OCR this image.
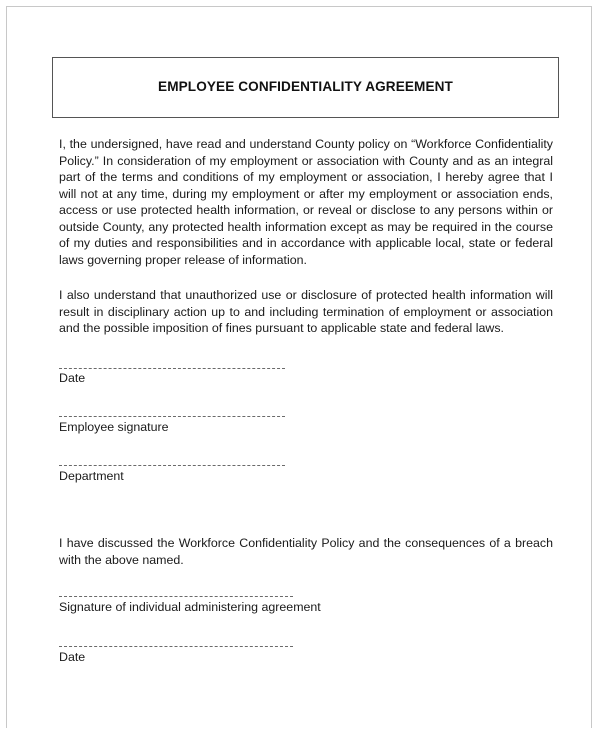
EMPLOYEE CONFIDENTIALITY AGREEMENT

I, the undersigned, have read and understand County policy on “Workforce Confidentiality Policy.” In consideration of my employment or association with County and as an integral part of the terms and conditions of my employment or association, I hereby agree that I will not at any time, during my employment or after my employment or association ends, access or use protected health information, or reveal or disclose to any persons within or outside County, any protected health information except as may be required in the course of my duties and responsibilities and in accordance with applicable local, state or federal laws governing proper release of information.

I also understand that unauthorized use or disclosure of protected health information will result in disciplinary action up to and including termination of employment or association and the possible imposition of fines pursuant to applicable state and federal laws.

Date
Employee signature
Department

I have discussed the Workforce Confidentiality Policy and the consequences of a breach with the above named.

Signature of individual administering agreement
Date
